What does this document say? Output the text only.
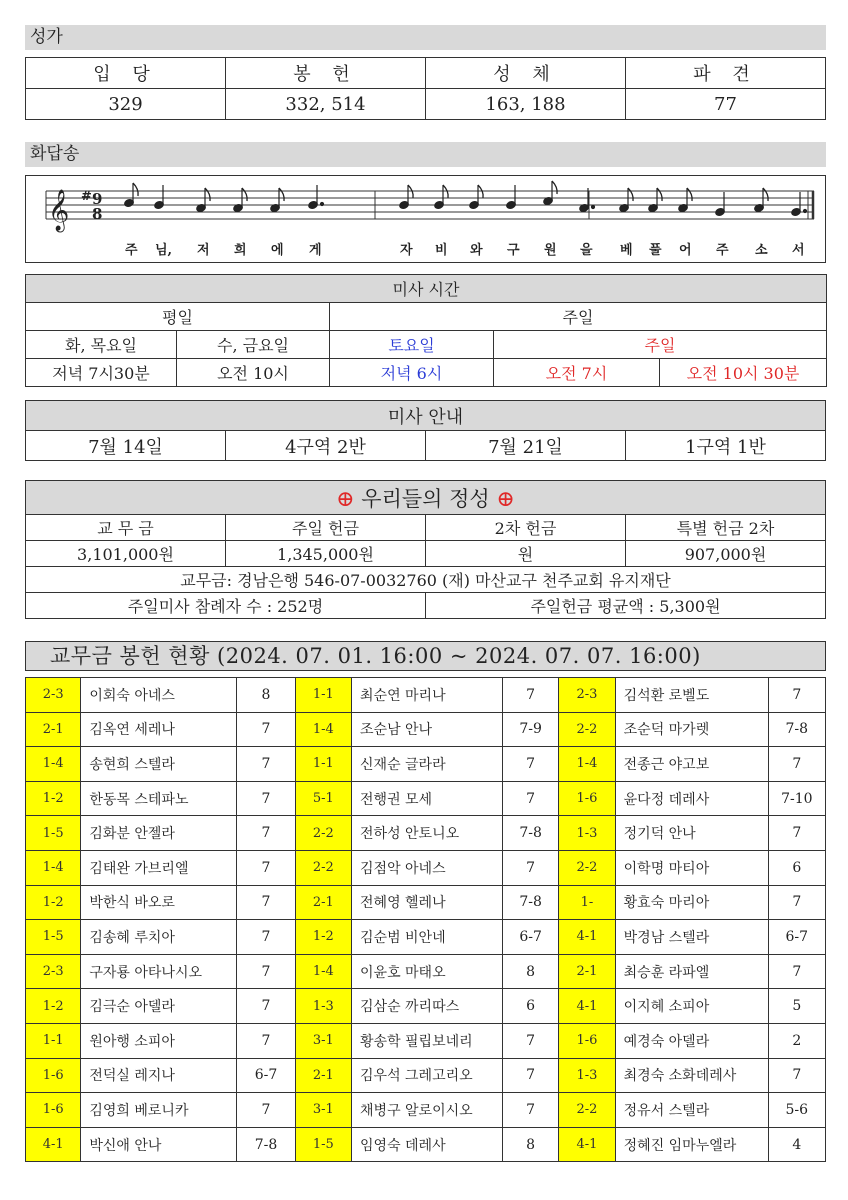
성가
입 당	봉 헌	성 체	파 견
329	332, 514	163, 188	77
화답송
𝄞 # 9
8
주 님, 저 희 에 게	자 비 와 구 원 을 베 풀 어 주 소 서
미사 시간				
평일		주일		
화, 목요일	수, 금요일	토요일	주일	
저녁 7시30분	오전 10시	저녁 6시	오전 7시	오전 10시 30분
미사 안내
7월 14일	4구역 2반	7월 21일	1구역 1반
⊕ 우리들의 정성 ⊕			
교 무 금	주일 헌금	2차 헌금	특별 헌금 2차
3,101,000원	1,345,000원	원	907,000원
교무금: 경남은행 546-07-0032760 (재) 마산교구 천주교회 유지재단			
주일미사 참례자 수 : 252명		주일헌금 평균액 : 5,300원	
교무금 봉헌 현황 (2024. 07. 01. 16:00 ~ 2024. 07. 07. 16:00)
2-3	이회숙 아네스	8	1-1	최순연 마리나	7	2-3	김석환 로벨도	7
2-1	김옥연 세레나	7	1-4	조순남 안나	7-9	2-2	조순덕 마가렛	7-8
1-4	송현희 스텔라	7	1-1	신재순 글라라	7	1-4	전종근 야고보	7
1-2	한동목 스테파노	7	5-1	전행권 모세	7	1-6	윤다정 데레사	7-10
1-5	김화분 안젤라	7	2-2	전하성 안토니오	7-8	1-3	정기덕 안나	7
1-4	김태완 가브리엘	7	2-2	김점악 아네스	7	2-2	이학명 마티아	6
1-2	박한식 바오로	7	2-1	전혜영 헬레나	7-8	1-	황효숙 마리아	7
1-5	김송혜 루치아	7	1-2	김순범 비안네	6-7	4-1	박경남 스텔라	6-7
2-3	구자룡 아타나시오	7	1-4	이윤호 마태오	8	2-1	최승훈 라파엘	7
1-2	김극순 아델라	7	1-3	김삼순 까리따스	6	4-1	이지혜 소피아	5
1-1	원아행 소피아	7	3-1	황송학 필립보네리	7	1-6	예경숙 아델라	2
1-6	전덕실 레지나	6-7	2-1	김우석 그레고리오	7	1-3	최경숙 소화데레사	7
1-6	김영희 베로니카	7	3-1	채병구 알로이시오	7	2-2	정유서 스텔라	5-6
4-1	박신애 안나	7-8	1-5	임영숙 데레사	8	4-1	정혜진 임마누엘라	4
